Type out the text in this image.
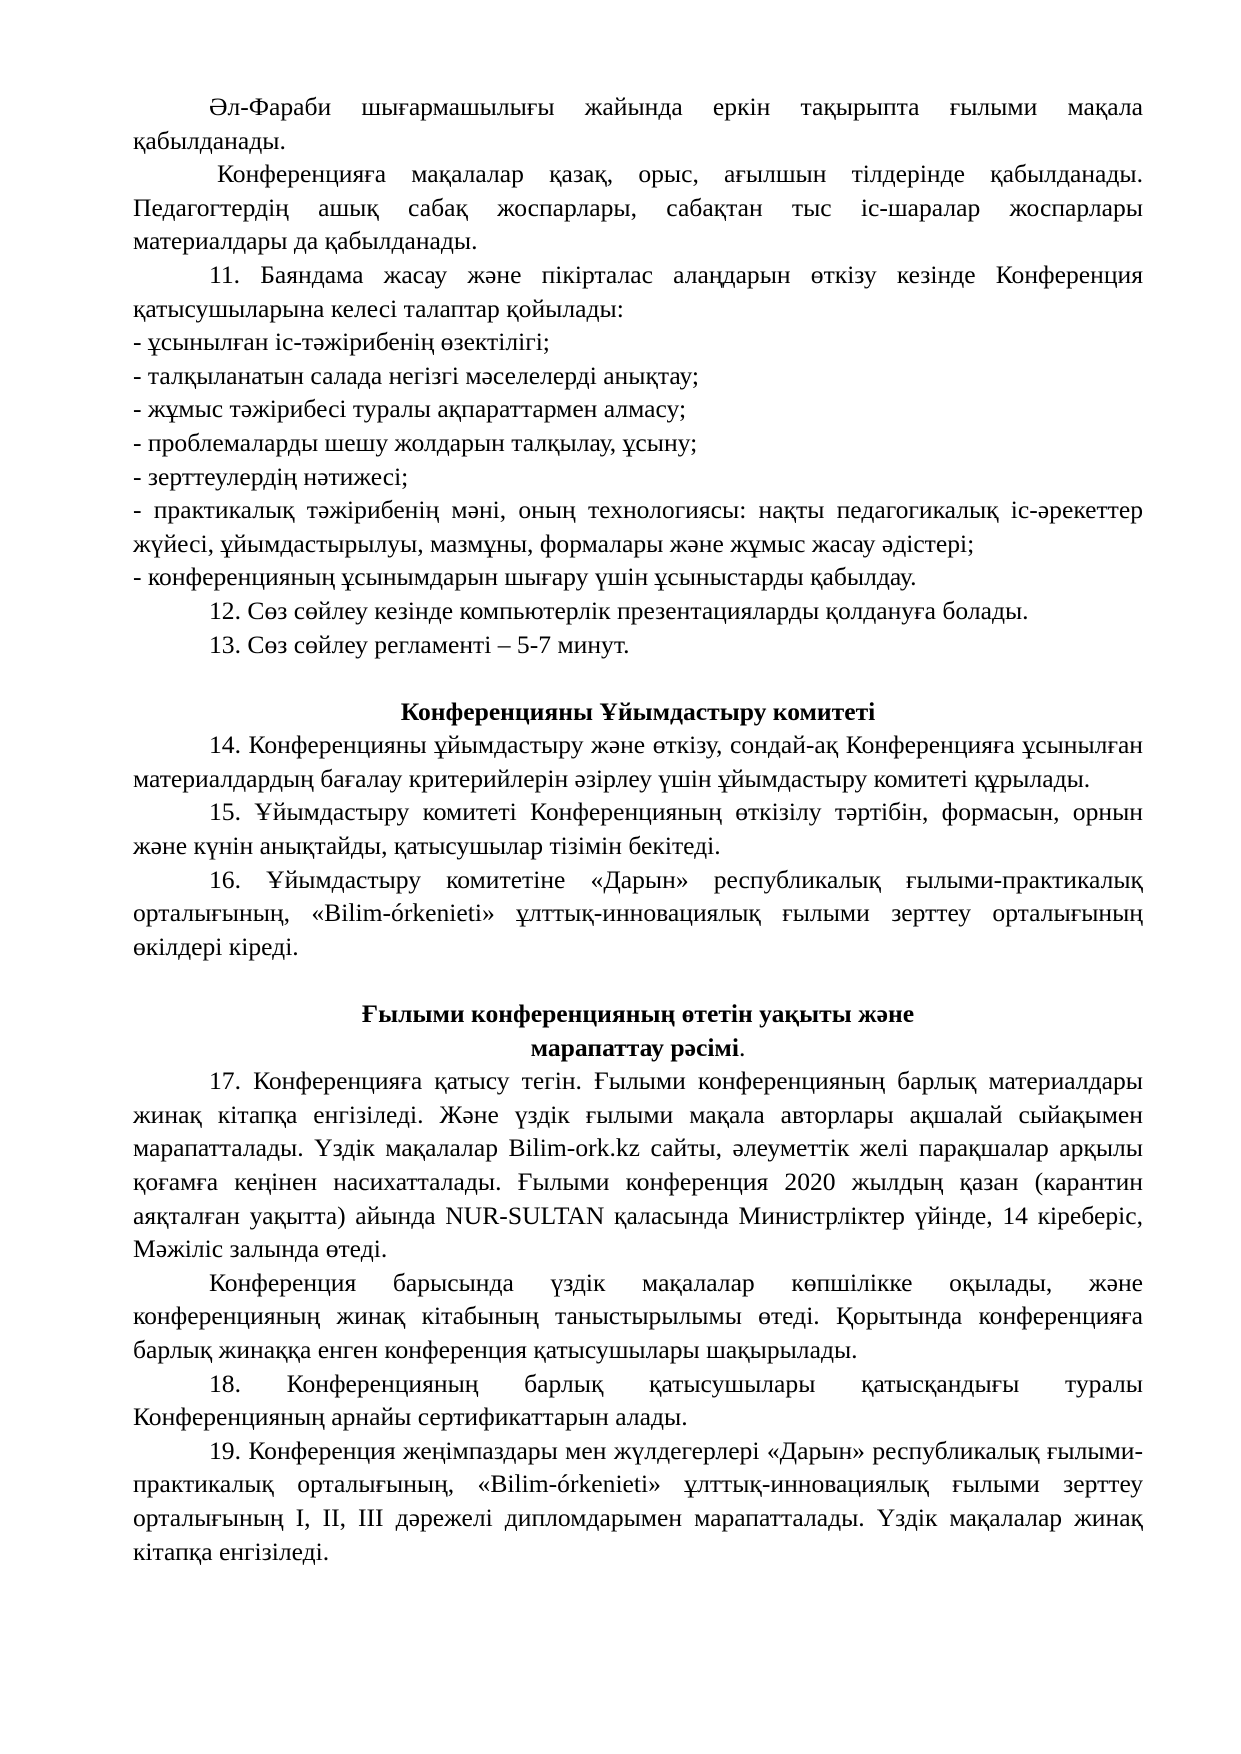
Әл-Фараби шығармашылығы жайында еркін тақырыпта ғылыми мақала қабылданады.

Конференцияға мақалалар қазақ, орыс, ағылшын тілдерінде қабылданады. Педагогтердің ашық сабақ жоспарлары, сабақтан тыс іс-шаралар жоспарлары материалдары да қабылданады.

11. Баяндама жасау және пікірталас алаңдарын өткізу кезінде Конференция қатысушыларына келесі талаптар қойылады:

- ұсынылған іс-тәжірибенің өзектілігі;

- талқыланатын салада негізгі мәселелерді анықтау;

- жұмыс тәжірибесі туралы ақпараттармен алмасу;

- проблемаларды шешу жолдарын талқылау, ұсыну;

- зерттеулердің нәтижесі;

- практикалық тәжірибенің мәні, оның технологиясы: нақты педагогикалық іс-әрекеттер жүйесі, ұйымдастырылуы, мазмұны, формалары және жұмыс жасау әдістері;

- конференцияның ұсынымдарын шығару үшін ұсыныстарды қабылдау.

12. Сөз сөйлеу кезінде компьютерлік презентацияларды қолдануға болады.

13. Сөз сөйлеу регламенті – 5-7 минут.

Конференцияны Ұйымдастыру комитеті

14. Конференцияны ұйымдастыру және өткізу, сондай-ақ Конференцияға ұсынылған материалдардың бағалау критерийлерін әзірлеу үшін ұйымдастыру комитеті құрылады.

15. Ұйымдастыру комитеті Конференцияның өткізілу тәртібін, формасын, орнын және күнін анықтайды, қатысушылар тізімін бекітеді.

16. Ұйымдастыру комитетіне «Дарын» республикалық ғылыми-практикалық орталығының, «Bilim-órkenieti» ұлттық-инновациялық ғылыми зерттеу орталығының өкілдері кіреді.

Ғылыми конференцияның өтетін уақыты және

марапаттау рәсімі.

17. Конференцияға қатысу тегін. Ғылыми конференцияның барлық материалдары жинақ кітапқа енгізіледі. Және үздік ғылыми мақала авторлары ақшалай сыйақымен марапатталады. Үздік мақалалар Bilim-ork.kz сайты, әлеуметтік желі парақшалар арқылы қоғамға кеңінен насихатталады. Ғылыми конференция 2020 жылдың қазан (карантин аяқталған уақытта) айында NUR-SULTAN қаласында Министрліктер үйінде, 14 кіреберіс, Мәжіліс залында өтеді.

Конференция барысында үздік мақалалар көпшілікке оқылады, және конференцияның жинақ кітабының таныстырылымы өтеді. Қорытында конференцияға барлық жинаққа енген конференция қатысушылары шақырылады.

18. Конференцияның барлық қатысушылары қатысқандығы туралы Конференцияның арнайы сертификаттарын алады.

19. Конференция жеңімпаздары мен жүлдегерлері «Дарын» республикалық ғылыми-практикалық орталығының, «Bilim-órkenieti» ұлттық-инновациялық ғылыми зерттеу орталығының I, II, III дәрежелі дипломдарымен марапатталады. Үздік мақалалар жинақ кітапқа енгізіледі.
